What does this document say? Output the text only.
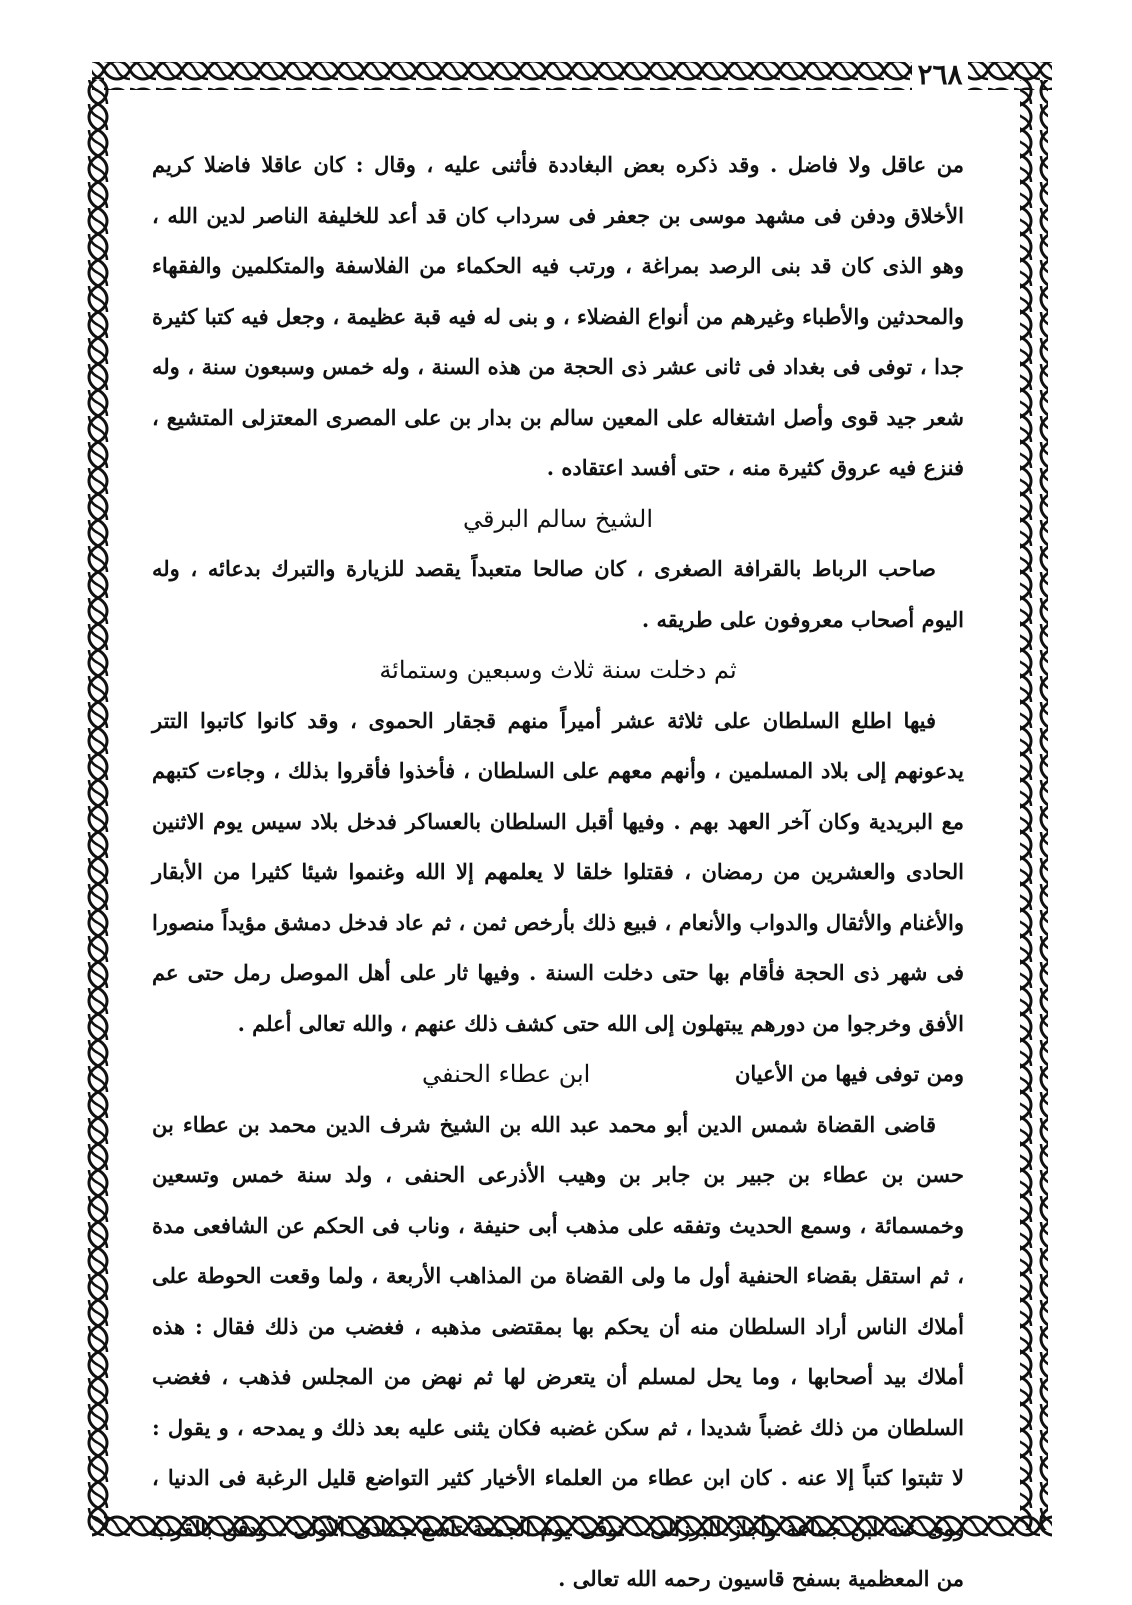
٢٦٨

من عاقل ولا فاضل . وقد ذكره بعض البغاددة فأثنى عليه ، وقال : كان عاقلا فاضلا كريم الأخلاق ودفن فى مشهد موسى بن جعفر فى سرداب كان قد أعد للخليفة الناصر لدين الله ، وهو الذى كان قد بنى الرصد بمراغة ، ورتب فيه الحكماء من الفلاسفة والمتكلمين والفقهاء والمحدثين والأطباء وغيرهم من أنواع الفضلاء ، و بنى له فيه قبة عظيمة ، وجعل فيه كتبا كثيرة جدا ، توفى فى بغداد فى ثانى عشر ذى الحجة من هذه السنة ، وله خمس وسبعون سنة ، وله شعر جيد قوى وأصل اشتغاله على المعين سالم بن بدار بن على المصرى المعتزلى المتشيع ، فنزع فيه عروق كثيرة منه ، حتى أفسد اعتقاده .

الشيخ سالم البرقي

صاحب الرباط بالقرافة الصغرى ، كان صالحا متعبداً يقصد للزيارة والتبرك بدعائه ، وله اليوم أصحاب معروفون على طريقه .

ثم دخلت سنة ثلاث وسبعين وستمائة

فيها اطلع السلطان على ثلاثة عشر أميراً منهم قجقار الحموى ، وقد كانوا كاتبوا التتر يدعونهم إلى بلاد المسلمين ، وأنهم معهم على السلطان ، فأخذوا فأقروا بذلك ، وجاءت كتبهم مع البريدية وكان آخر العهد بهم . وفيها أقبل السلطان بالعساكر فدخل بلاد سيس يوم الاثنين الحادى والعشرين من رمضان ، فقتلوا خلقا لا يعلمهم إلا الله وغنموا شيئا كثيرا من الأبقار والأغنام والأثقال والدواب والأنعام ، فبيع ذلك بأرخص ثمن ، ثم عاد فدخل دمشق مؤيداً منصورا فى شهر ذى الحجة فأقام بها حتى دخلت السنة . وفيها ثار على أهل الموصل رمل حتى عم الأفق وخرجوا من دورهم يبتهلون إلى الله حتى كشف ذلك عنهم ، والله تعالى أعلم .

ومن توفى فيها من الأعيان
ابن عطاء الحنفي

قاضى القضاة شمس الدين أبو محمد عبد الله بن الشيخ شرف الدين محمد بن عطاء بن حسن بن عطاء بن جبير بن جابر بن وهيب الأذرعى الحنفى ، ولد سنة خمس وتسعين وخمسمائة ، وسمع الحديث وتفقه على مذهب أبى حنيفة ، وناب فى الحكم عن الشافعى مدة ، ثم استقل بقضاء الحنفية أول ما ولى القضاة من المذاهب الأربعة ، ولما وقعت الحوطة على أملاك الناس أراد السلطان منه أن يحكم بها بمقتضى مذهبه ، فغضب من ذلك فقال : هذه أملاك بيد أصحابها ، وما يحل لمسلم أن يتعرض لها ثم نهض من المجلس فذهب ، فغضب السلطان من ذلك غضباً شديدا ، ثم سكن غضبه فكان يثنى عليه بعد ذلك و يمدحه ، و يقول : لا تثبتوا كتباً إلا عنه . كان ابن عطاء من العلماء الأخيار كثير التواضع قليل الرغبة فى الدنيا ، روى عنه ابن جماعة وأجاز للبرزالى . توفى يوم الجمعة تاسع جمادى الأولى ، ودفن بالقرب من المعظمية بسفح قاسيون رحمه الله تعالى .
